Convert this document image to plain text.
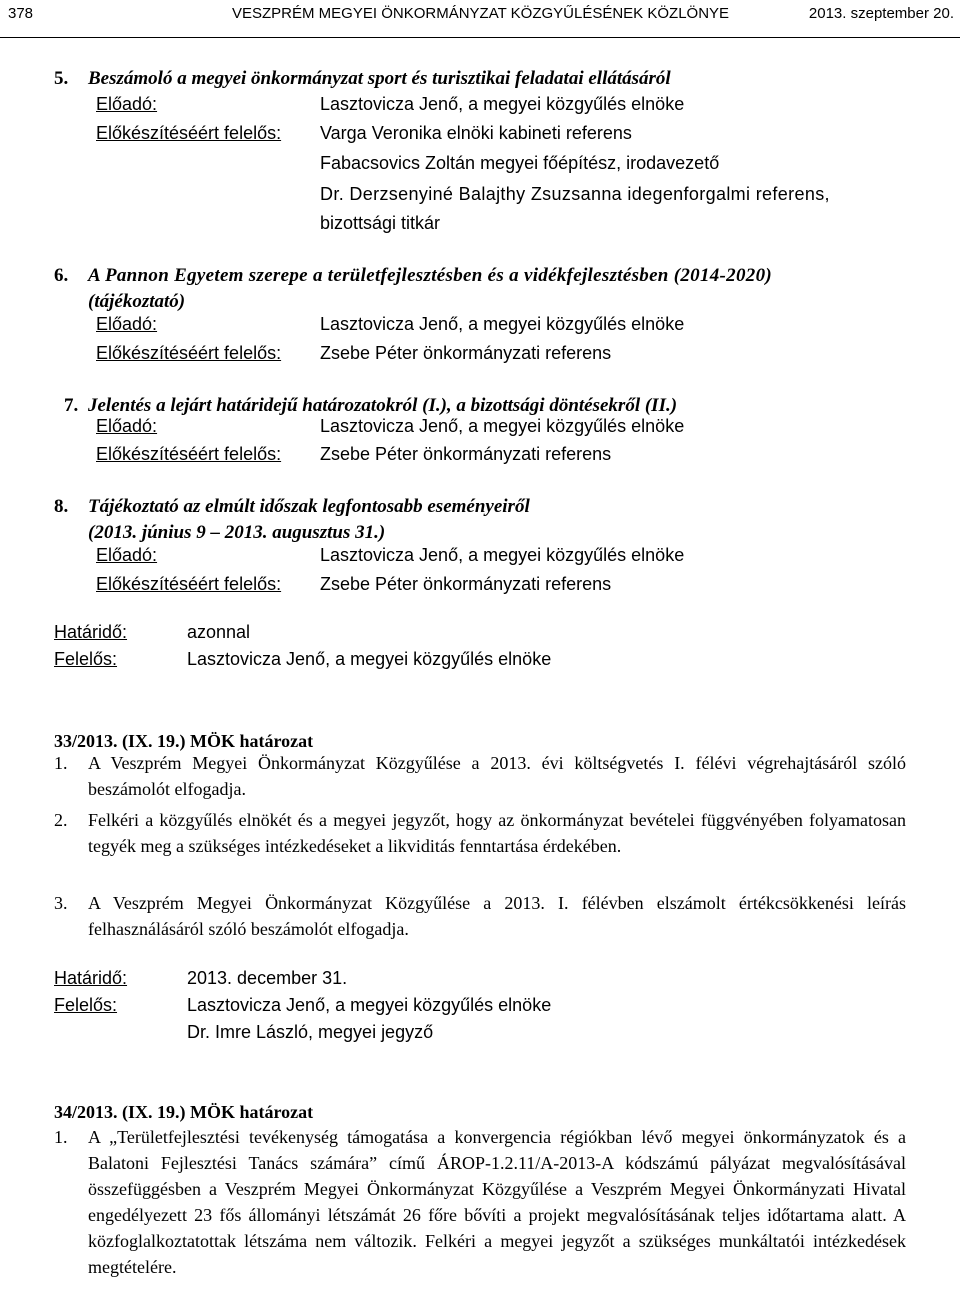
378	VESZPRÉM MEGYEI ÖNKORMÁNYZAT KÖZGYŰLÉSÉNEK KÖZLÖNYE	2013. szeptember 20.
5. Beszámoló a megyei önkormányzat sport és turisztikai feladatai ellátásáról
Előadó:	Lasztovicza Jenő, a megyei közgyűlés elnöke
Előkészítéséért felelős: Varga Veronika elnöki kabineti referens
Fabacsovics Zoltán megyei főépítész, irodavezető
Dr. Derzsenyiné Balajthy Zsuzsanna idegenforgalmi referens,
bizottsági titkár
6. A Pannon Egyetem szerepe a területfejlesztésben és a vidékfejlesztésben (2014-2020)
(tájékoztató)
Előadó:	Lasztovicza Jenő, a megyei közgyűlés elnöke
Előkészítéséért felelős: Zsebe Péter önkormányzati referens
7. Jelentés a lejárt határidejű határozatokról (I.), a bizottsági döntésekről (II.)
Előadó:	Lasztovicza Jenő, a megyei közgyűlés elnöke
Előkészítéséért felelős: Zsebe Péter önkormányzati referens
8. Tájékoztató az elmúlt időszak legfontosabb eseményeiről
(2013. június 9 – 2013. augusztus 31.)
Előadó:	Lasztovicza Jenő, a megyei közgyűlés elnöke
Előkészítéséért felelős: Zsebe Péter önkormányzati referens
Határidő:	azonnal
Felelős:	Lasztovicza Jenő, a megyei közgyűlés elnöke
33/2013. (IX. 19.) MÖK határozat
1. A Veszprém Megyei Önkormányzat Közgyűlése a 2013. évi költségvetés I. félévi végrehajtásáról szóló beszámolót elfogadja.
2. Felkéri a közgyűlés elnökét és a megyei jegyzőt, hogy az önkormányzat bevételei függvényében folyamatosan tegyék meg a szükséges intézkedéseket a likviditás fenntartása érdekében.
3. A Veszprém Megyei Önkormányzat Közgyűlése a 2013. I. félévben elszámolt értékcsökkenési leírás felhasználásáról szóló beszámolót elfogadja.
Határidő:	2013. december 31.
Felelős:	Lasztovicza Jenő, a megyei közgyűlés elnöke
Dr. Imre László, megyei jegyző
34/2013. (IX. 19.) MÖK határozat
1. A „Területfejlesztési tevékenység támogatása a konvergencia régiókban lévő megyei önkormányzatok és a Balatoni Fejlesztési Tanács számára” című ÁROP-1.2.11/A-2013-A kódszámú pályázat megvalósításával összefüggésben a Veszprém Megyei Önkormányzat Közgyűlése a Veszprém Megyei Önkormányzati Hivatal engedélyezett 23 fős állományi létszámát 26 főre bővíti a projekt megvalósításának teljes időtartama alatt. A közfoglalkoztatottak létszáma nem változik. Felkéri a megyei jegyzőt a szükséges munkáltatói intézkedések megtételére.
